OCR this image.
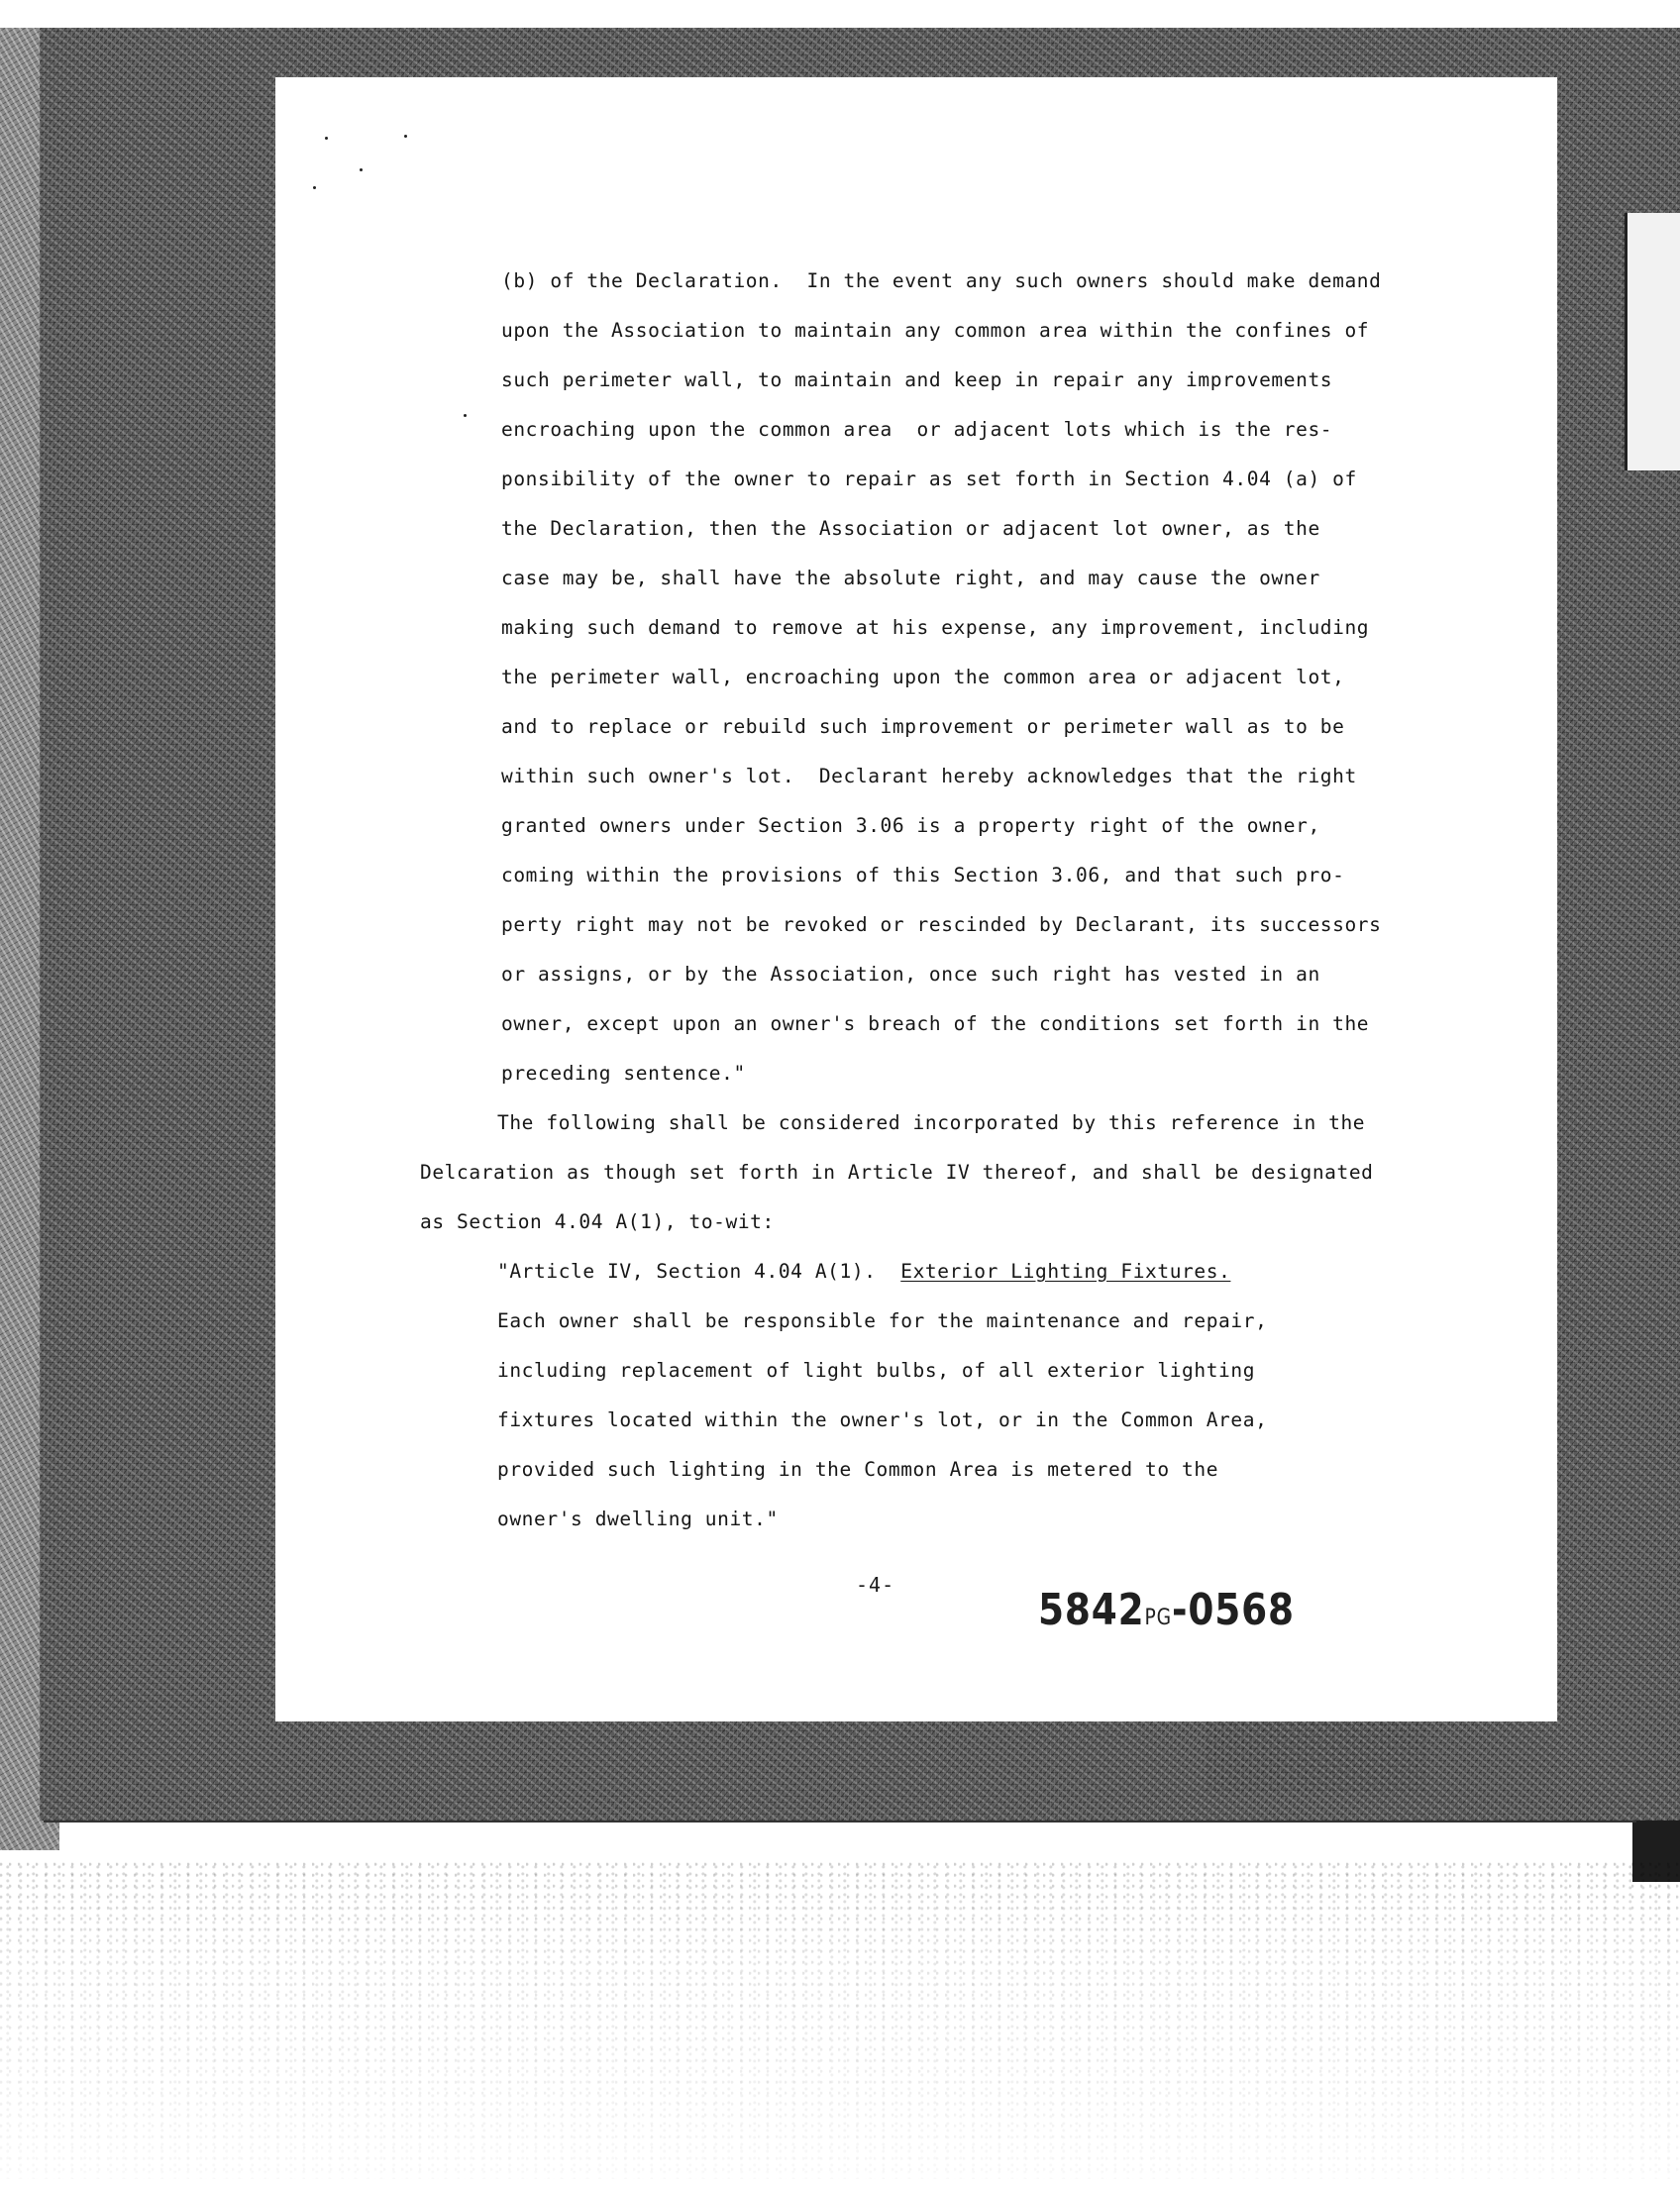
(b) of the Declaration.  In the event any such owners should make demand
upon the Association to maintain any common area within the confines of
such perimeter wall, to maintain and keep in repair any improvements
encroaching upon the common area  or adjacent lots which is the res-
ponsibility of the owner to repair as set forth in Section 4.04 (a) of
the Declaration, then the Association or adjacent lot owner, as the
case may be, shall have the absolute right, and may cause the owner
making such demand to remove at his expense, any improvement, including
the perimeter wall, encroaching upon the common area or adjacent lot,
and to replace or rebuild such improvement or perimeter wall as to be
within such owner's lot.  Declarant hereby acknowledges that the right
granted owners under Section 3.06 is a property right of the owner,
coming within the provisions of this Section 3.06, and that such pro-
perty right may not be revoked or rescinded by Declarant, its successors
or assigns, or by the Association, once such right has vested in an
owner, except upon an owner's breach of the conditions set forth in the
preceding sentence."
The following shall be considered incorporated by this reference in the
Delcaration as though set forth in Article IV thereof, and shall be designated
as Section 4.04 A(1), to-wit:
"Article IV, Section 4.04 A(1). Exterior Lighting Fixtures.
Each owner shall be responsible for the maintenance and repair,
including replacement of light bulbs, of all exterior lighting
fixtures located within the owner's lot, or in the Common Area,
provided such lighting in the Common Area is metered to the
owner's dwelling unit."
-4-	5842PG-0568
